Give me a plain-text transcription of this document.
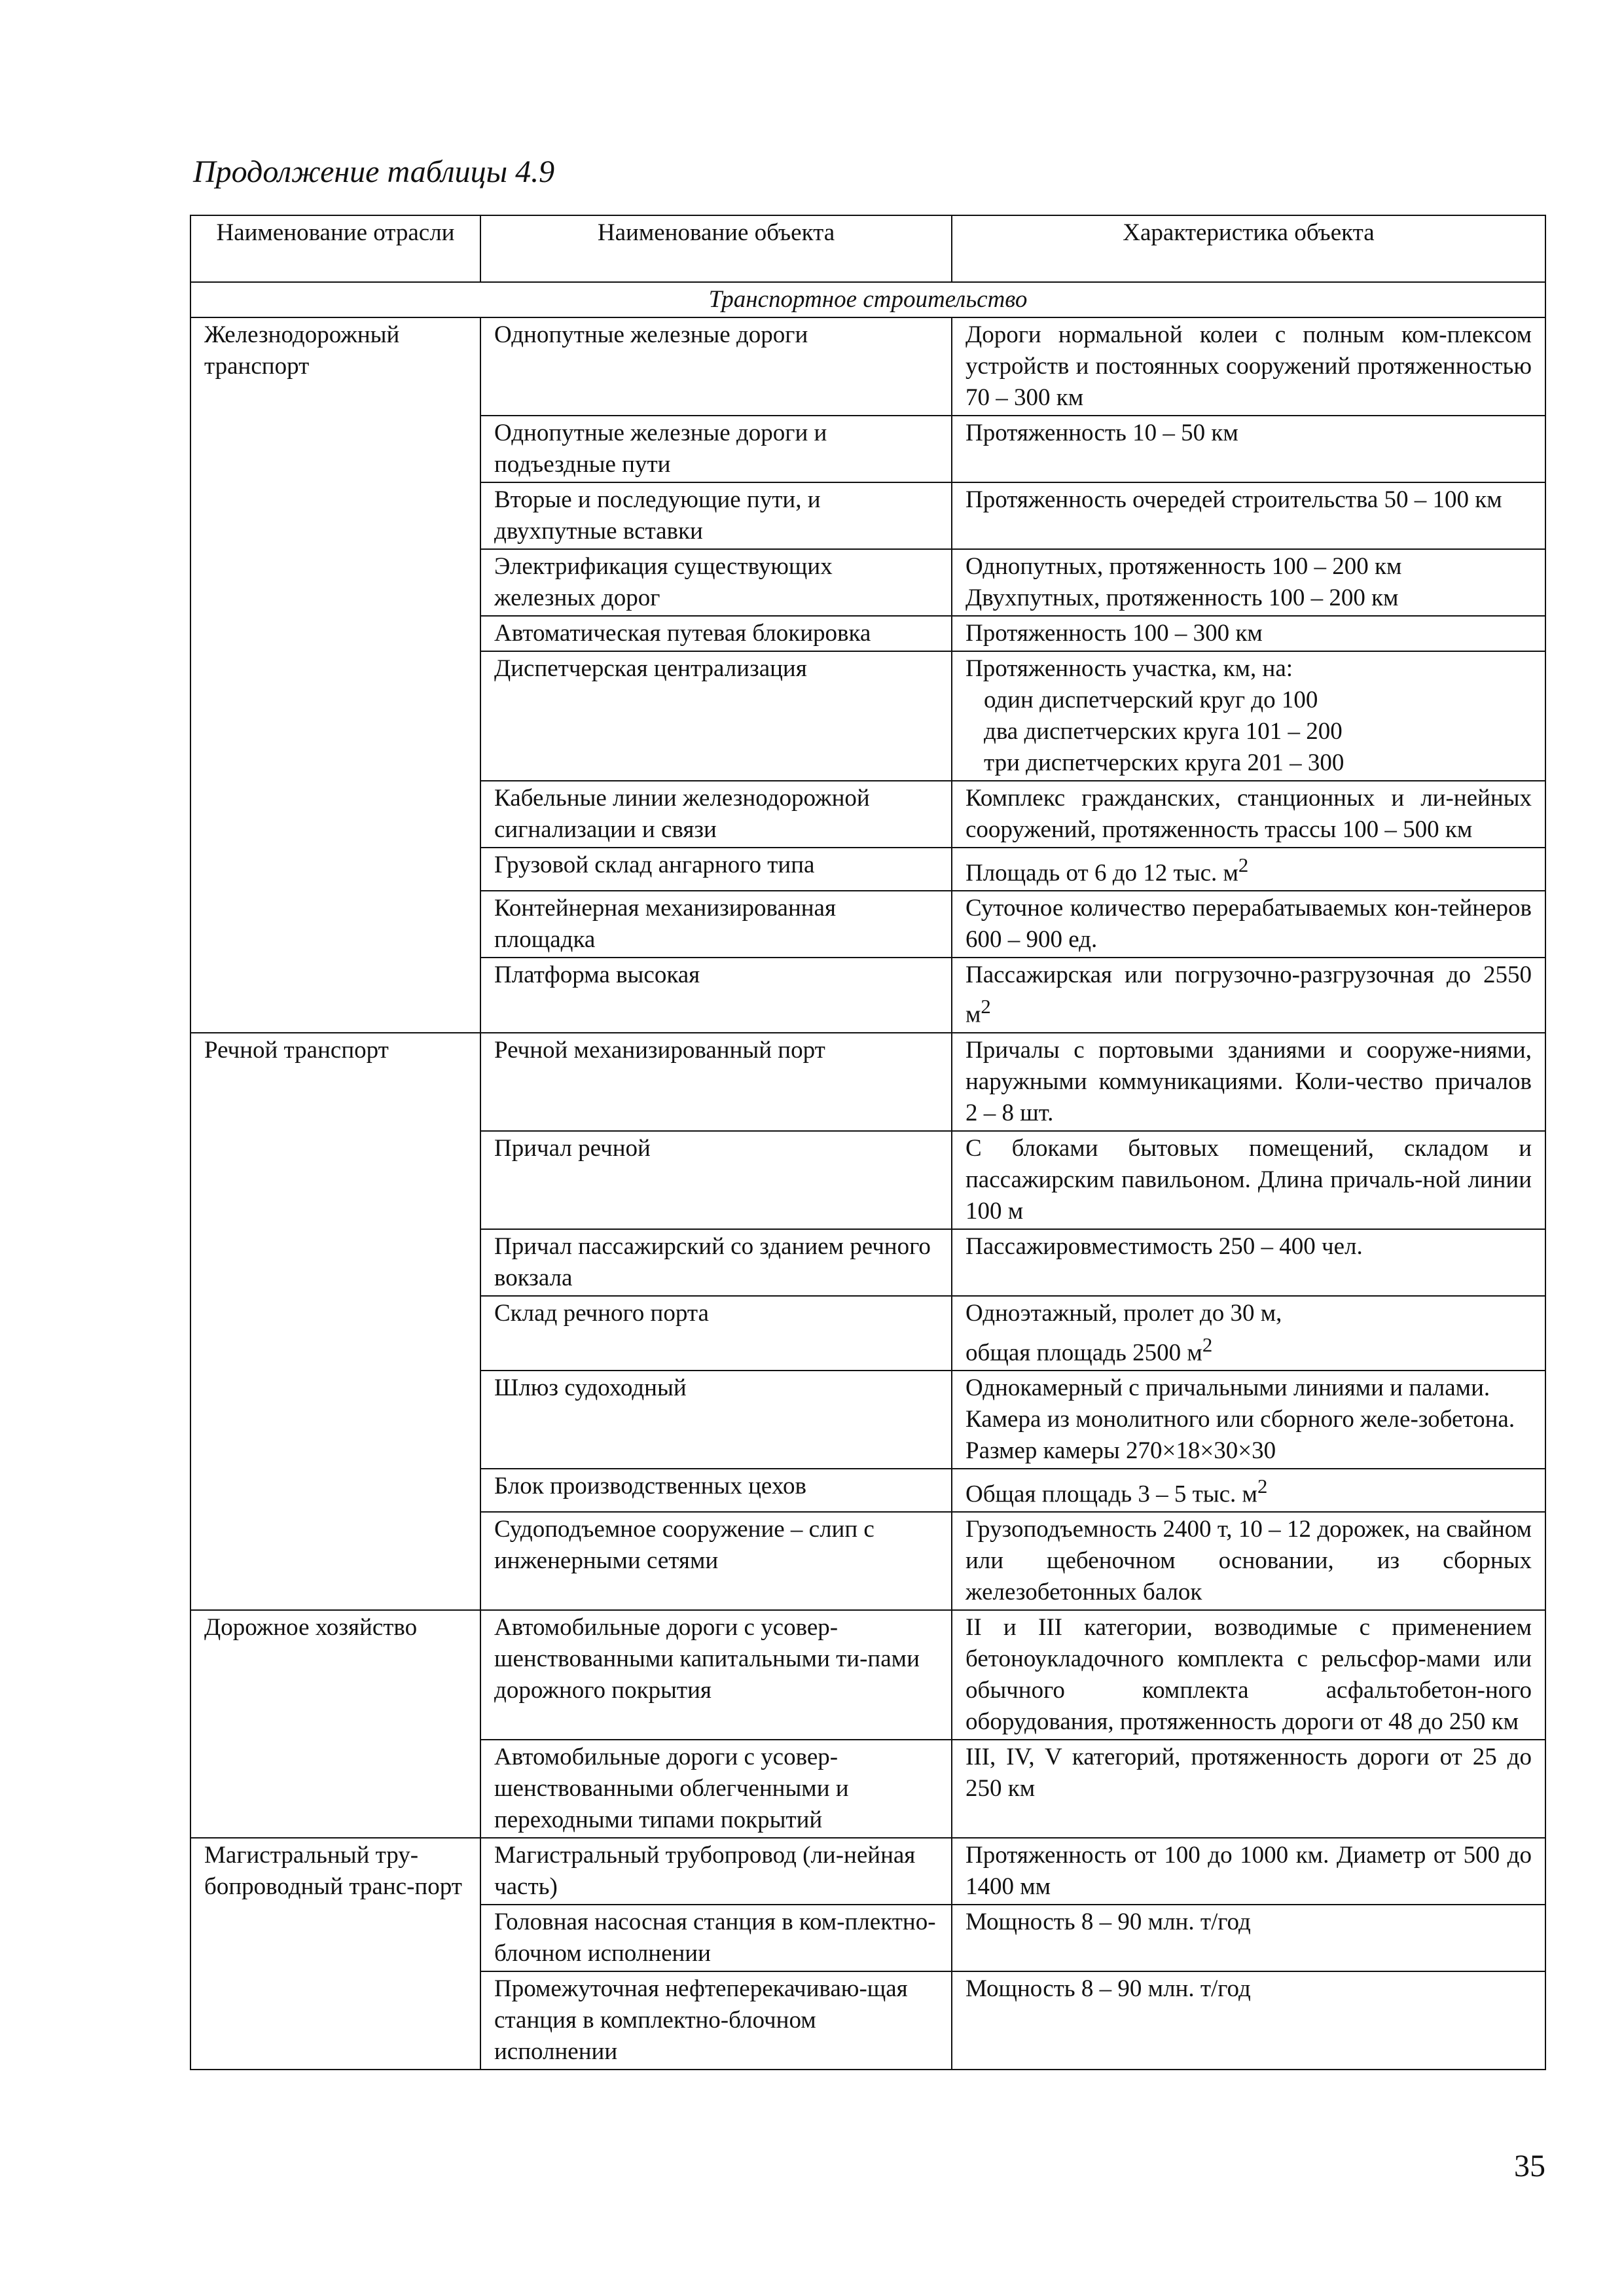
Продолжение таблицы 4.9
Наименование отрасли	Наименование объекта	Характеристика объекта
Транспортное строительство		
Железнодорожный транспорт	Однопутные железные дороги	Дороги нормальной колеи с полным ком-плексом устройств и постоянных сооружений протяженностью 70 – 300 км

	Однопутные железные дороги и подъездные пути	Протяженность 10 – 50 км

	Вторые и последующие пути, и двухпутные вставки	Протяженность очередей строительства 50 – 100 км

	Электрификация существующих железных дорог	Однопутных, протяженность 100 – 200 км
Двухпутных, протяженность 100 – 200 км

	Автоматическая путевая блокировка	Протяженность 100 – 300 км

	Диспетчерская централизация	Протяженность участка, км, на:
один диспетчерский круг до 100
два диспетчерских круга 101 – 200
три диспетчерских круга 201 – 300

	Кабельные линии железнодорожной сигнализации и связи	Комплекс гражданских, станционных и ли-нейных сооружений, протяженность трассы 100 – 500 км

	Грузовой склад ангарного типа	Площадь от 6 до 12 тыс. $м^2$
	Контейнерная механизированная площадка	Суточное количество перерабатываемых кон-тейнеров 600 – 900 ед.

	Платформа высокая	Пассажирская или погрузочно-разгрузочная до 2550 $м^2$
Речной транспорт	Речной механизированный порт	Причалы с портовыми зданиями и сооруже-ниями, наружными коммуникациями. Коли-чество причалов 2 – 8 шт.

	Причал речной	С блоками бытовых помещений, складом и пассажирским павильоном. Длина причаль-ной линии 100 м

	Причал пассажирский со зданием речного вокзала	Пассажировместимость 250 – 400 чел.

	Склад речного порта	Одноэтажный, пролет до 30 м,
общая площадь 2500 $м^2$
	Шлюз судоходный	Однокамерный с причальными линиями и палами.
Камера из монолитного или сборного желе-зобетона.
Размер камеры 270×18×30×30

	Блок производственных цехов	Общая площадь 3 – 5 тыс. $м^2$
	Судоподъемное сооружение – слип с инженерными сетями	Грузоподъемность 2400 т, 10 – 12 дорожек, на свайном или щебеночном основании, из сборных железобетонных балок

Дорожное хозяйство	Автомобильные дороги с усовер-шенствованными капитальными ти-пами дорожного покрытия	II и III категории, возводимые с применением бетоноукладочного комплекта с рельсфор-мами или обычного комплекта асфальтобетон-ного оборудования, протяженность дороги от 48 до 250 км

	Автомобильные дороги с усовер-шенствованными облегченными и переходными типами покрытий	III, IV, V категорий, протяженность дороги от 25 до 250 км

Магистральный тру-бопроводный транс-порт	Магистральный трубопровод (ли-нейная часть)	Протяженность от 100 до 1000 км. Диаметр от 500 до 1400 мм

	Головная насосная станция в ком-плектно-блочном исполнении	Мощность 8 – 90 млн. т/год

	Промежуточная нефтеперекачиваю-щая станция в комплектно-блочном исполнении	Мощность 8 – 90 млн. т/год
35
